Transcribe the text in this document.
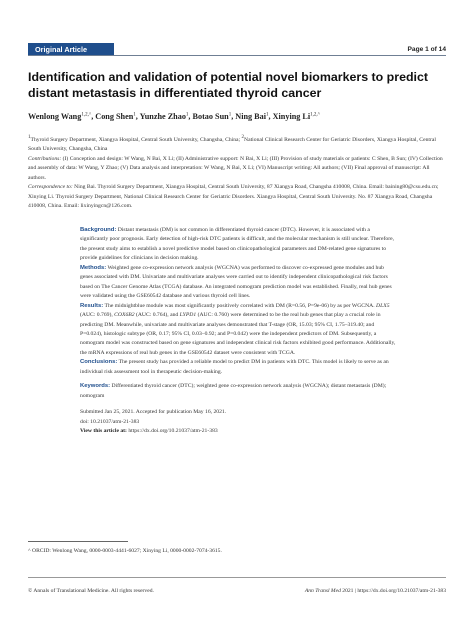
Original Article	Page 1 of 14
Identification and validation of potential novel biomarkers to predict distant metastasis in differentiated thyroid cancer
Wenlong Wang$^{1,2,\^{}}$, Cong Shen$^1$, Yunzhe Zhao$^1$, Botao Sun$^1$, Ning Bai$^1$, Xinying $Li^{1,2,\^{}}$

$^1$Thyroid Surgery Department, Xiangya Hospital, Central South University, Changsha, China; $^2$National Clinical Research Center for Geriatric Disorders, Xiangya Hospital, Central South University, Changsha, China

Contributions: (I) Conception and design: W Wang, N Bai, X Li; (II) Administrative support: N Bai, X Li; (III) Provision of study materials or patients: C Shen, B Sun; (IV) Collection and assembly of data: W Wang, Y Zhao; (V) Data analysis and interpretation: W Wang, N Bai, X Li; (VI) Manuscript writing: All authors; (VII) Final approval of manuscript: All authors.

Correspondence to: Ning Bai. Thyroid Surgery Department, Xiangya Hospital, Central South University, 87 Xiangya Road, Changsha 410008, China. Email: baining80@csu.edu.cn; Xinying Li. Thyroid Surgery Department, National Clinical Research Center for Geriatric Disorders. Xiangya Hospital, Central South University. No. 87 Xiangya Road, Changsha 410008, China. Email: lixinyingcn@126.com.

Background: Distant metastasis (DM) is not common in differentiated thyroid cancer (DTC). However, it is associated with a significantly poor prognosis. Early detection of high-risk DTC patients is difficult, and the molecular mechanism is still unclear. Therefore, the present study aims to establish a novel predictive model based on clinicopathological parameters and DM-related gene signatures to provide guidelines for clinicians in decision making.

Methods: Weighted gene co-expression network analysis (WGCNA) was performed to discover co-expressed gene modules and hub genes associated with DM. Univariate and multivariate analyses were carried out to identify independent clinicopathological risk factors based on The Cancer Genome Atlas (TCGA) database. An integrated nomogram prediction model was established. Finally, real hub genes were validated using the GSE60542 database and various thyroid cell lines.

Results: The midnightblue module was most significantly positively correlated with DM (R=0.56, P=9e-06) by as per WGCNA. DLX5 (AUC: 0.769), COX6B2 (AUC: 0.764), and LYPD1 (AUC: 0.760) were determined to be the real hub genes that play a crucial role in predicting DM. Meanwhile, univariate and multivariate analyses demonstrated that T-stage (OR, 15.03; 95% CI, 1.75–319.40; and P=0.024), histologic subtype (OR, 0.17; 95% CI, 0.03–0.92; and P=0.042) were the independent predictors of DM. Subsequently, a nomogram model was constructed based on gene signatures and independent clinical risk factors exhibited good performance. Additionally, the mRNA expressions of real hub genes in the GSE60542 dataset were consistent with TCGA.

Conclusions: The present study has provided a reliable model to predict DM in patients with DTC. This model is likely to serve as an individual risk assessment tool in therapeutic decision-making.

Keywords: Differentiated thyroid cancer (DTC); weighted gene co-expression network analysis (WGCNA); distant metastasis (DM); nomogram

Submitted Jan 25, 2021. Accepted for publication May 16, 2021.

doi: 10.21037/atm-21-383

View this article at: https://dx.doi.org/10.21037/atm-21-383

^ ORCID: Wenlong Wang, 0000-0003-4441-6027; Xinying Li, 0000-0002-7074-3615.

© Annals of Translational Medicine. All rights reserved.	Ann Transl Med 2021 | https://dx.doi.org/10.21037/atm-21-383
